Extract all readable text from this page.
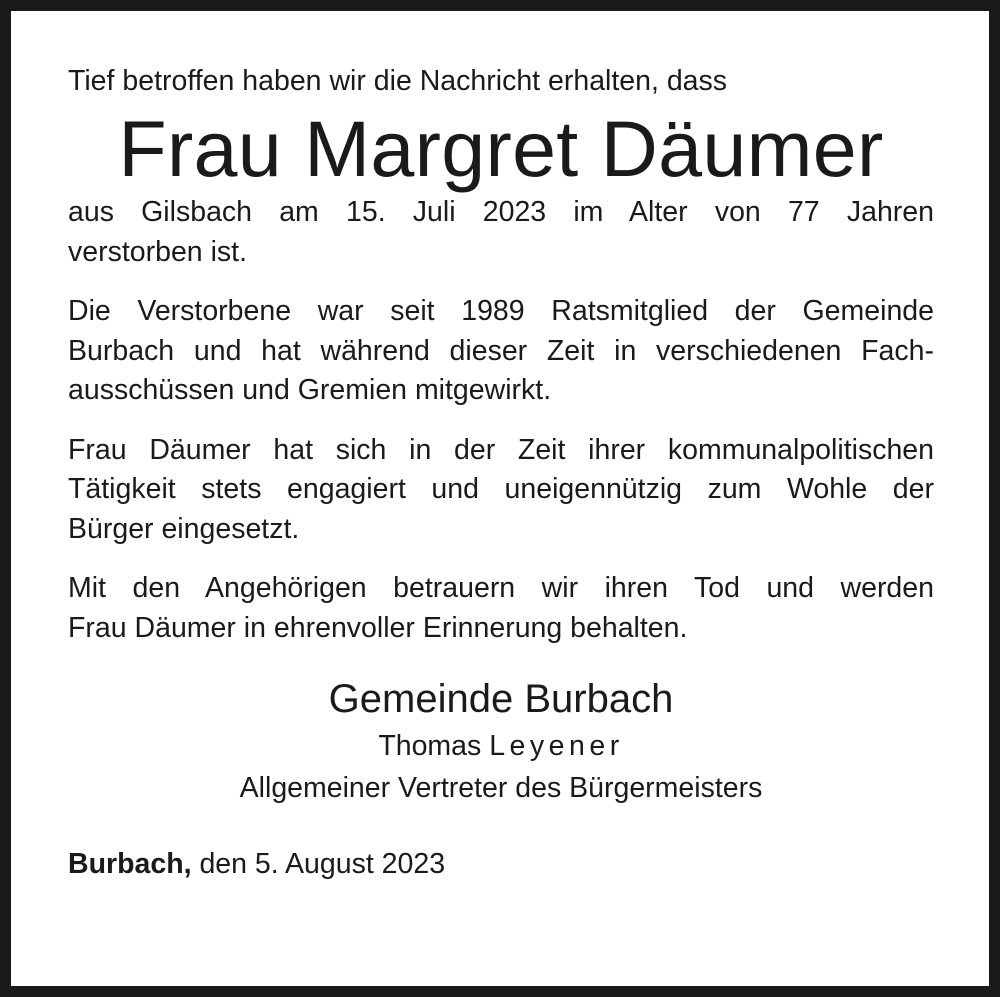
Tief betroffen haben wir die Nachricht erhalten, dass

Frau Margret Däumer

aus Gilsbach am 15. Juli 2023 im Alter von 77 Jahren
verstorben ist.

Die Verstorbene war seit 1989 Ratsmitglied der Gemeinde
Burbach und hat während dieser Zeit in verschiedenen Fach-
ausschüssen und Gremien mitgewirkt.

Frau Däumer hat sich in der Zeit ihrer kommunalpolitischen
Tätigkeit stets engagiert und uneigennützig zum Wohle der
Bürger eingesetzt.

Mit den Angehörigen betrauern wir ihren Tod und werden
Frau Däumer in ehrenvoller Erinnerung behalten.

Gemeinde Burbach

Thomas Leyener

Allgemeiner Vertreter des Bürgermeisters

Burbach, den 5. August 2023
